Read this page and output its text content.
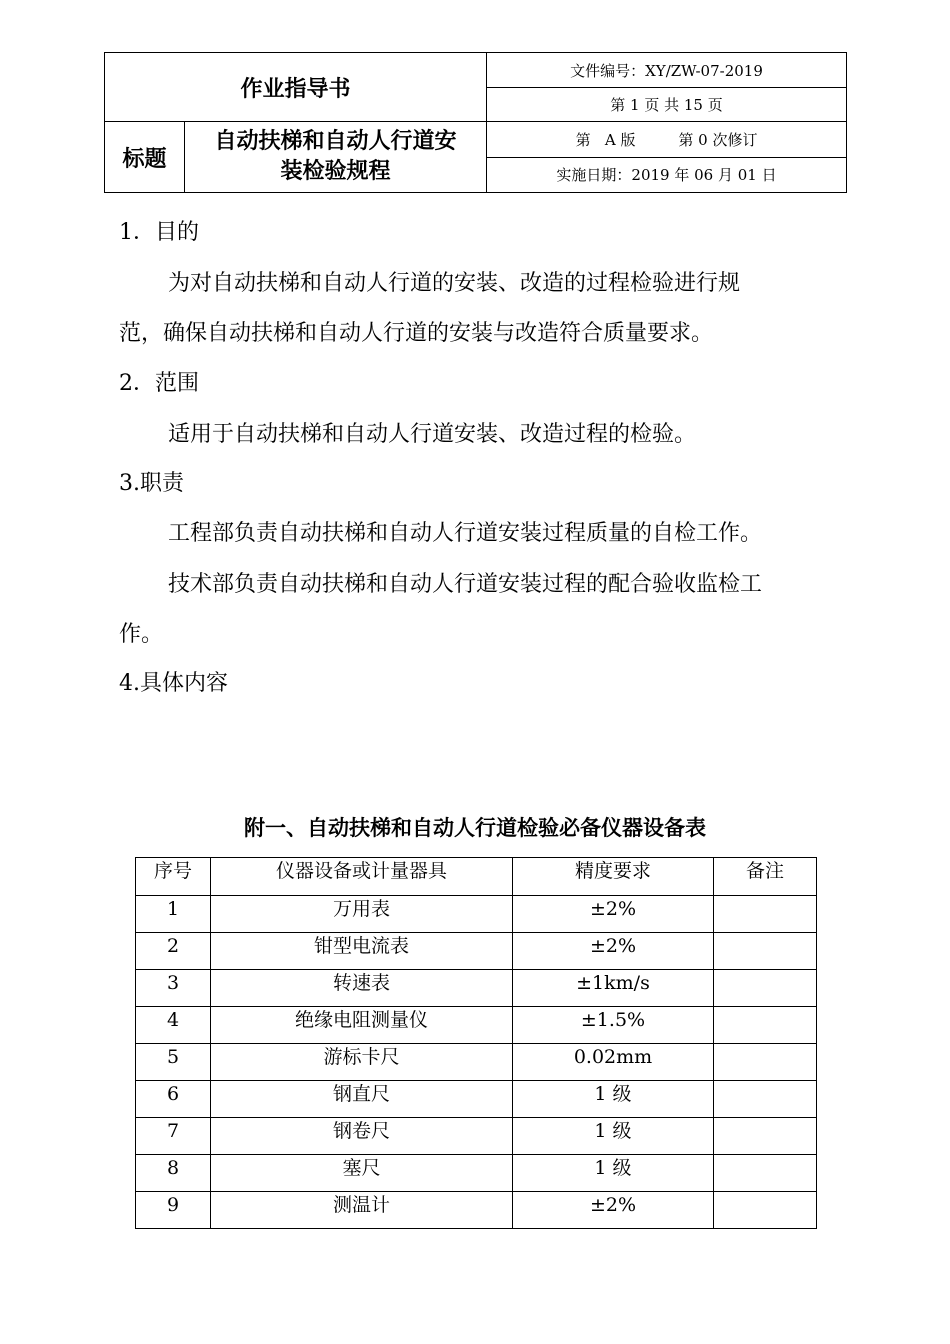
作业指导书		文件编号：XY/ZW-07-2019
		第 1 页 共 15 页
标题	自动扶梯和自动人行道安
装检验规程	第   A 版         第 0 次修订
		实施日期：2019 年 06 月 01 日
1．目的
为对自动扶梯和自动人行道的安装、改造的过程检验进行规
范，确保自动扶梯和自动人行道的安装与改造符合质量要求。
2．范围
适用于自动扶梯和自动人行道安装、改造过程的检验。
3.职责
工程部负责自动扶梯和自动人行道安装过程质量的自检工作。
技术部负责自动扶梯和自动人行道安装过程的配合验收监检工
作。
4.具体内容
附一、自动扶梯和自动人行道检验必备仪器设备表
序号	仪器设备或计量器具	精度要求	备注
1	万用表	±2%	
2	钳型电流表	±2%	
3	转速表	±1km/s	
4	绝缘电阻测量仪	±1.5%	
5	游标卡尺	0.02mm	
6	钢直尺	1 级	
7	钢卷尺	1 级	
8	塞尺	1 级	
9	测温计	±2%	
